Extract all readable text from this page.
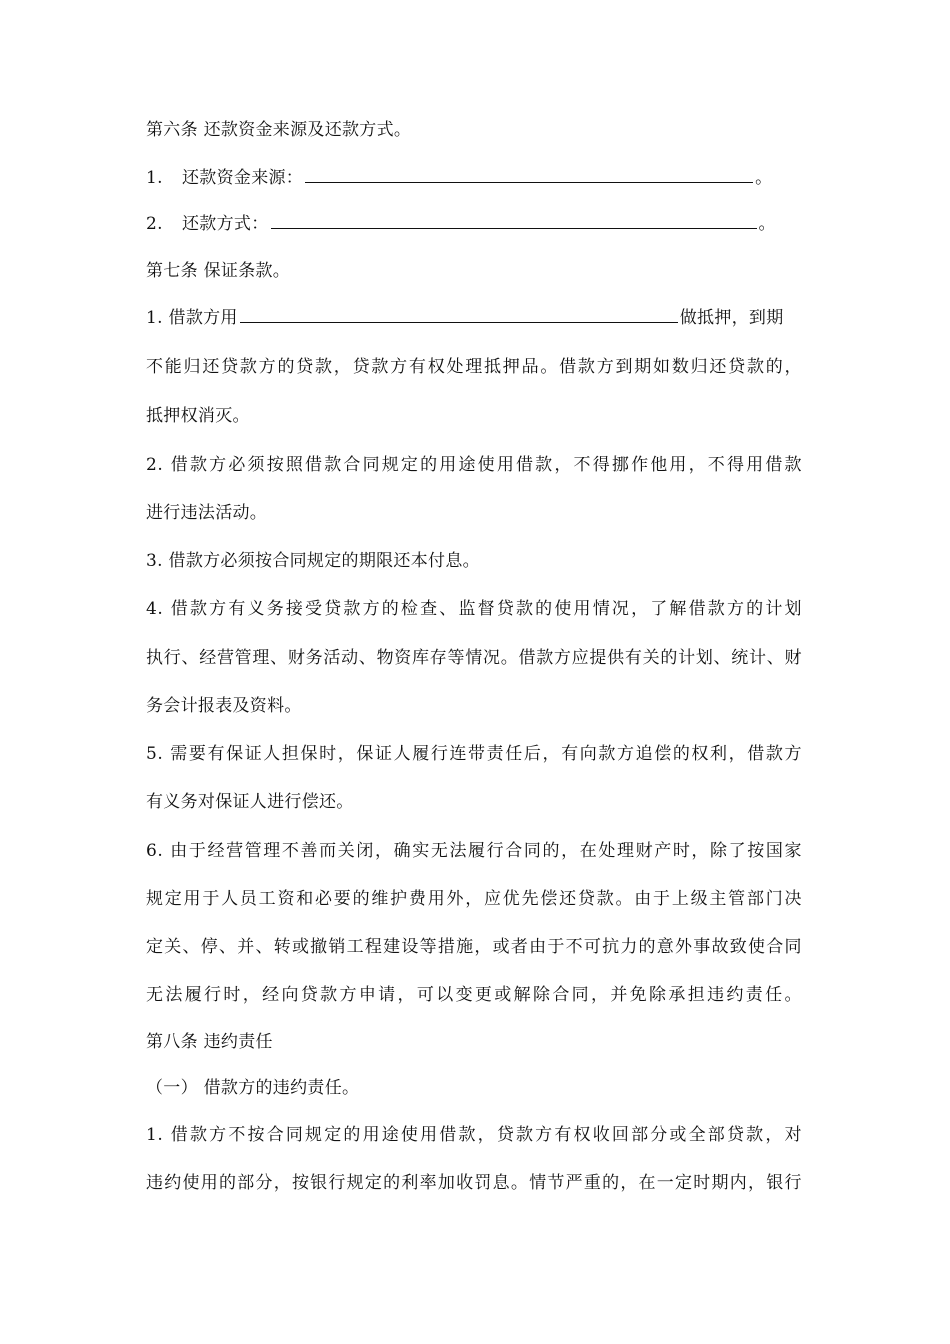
第六条 还款资金来源及还款方式。
1. 还款资金来源：	。
2. 还款方式：	。
第七条 保证条款。
1. 借款方用	做抵押，到期
不能归还贷款方的贷款，贷款方有权处理抵押品。借款方到期如数归还贷款的，
抵押权消灭。
2. 借款方必须按照借款合同规定的用途使用借款，不得挪作他用，不得用借款
进行违法活动。
3. 借款方必须按合同规定的期限还本付息。
4. 借款方有义务接受贷款方的检查、监督贷款的使用情况，了解借款方的计划
执行、经营管理、财务活动、物资库存等情况。借款方应提供有关的计划、统计、财
务会计报表及资料。
5. 需要有保证人担保时，保证人履行连带责任后，有向款方追偿的权利，借款方
有义务对保证人进行偿还。
6. 由于经营管理不善而关闭，确实无法履行合同的，在处理财产时，除了按国家
规定用于人员工资和必要的维护费用外，应优先偿还贷款。由于上级主管部门决
定关、停、并、转或撤销工程建设等措施，或者由于不可抗力的意外事故致使合同
无法履行时，经向贷款方申请，可以变更或解除合同，并免除承担违约责任。
第八条 违约责任
（一） 借款方的违约责任。
1. 借款方不按合同规定的用途使用借款，贷款方有权收回部分或全部贷款，对
违约使用的部分，按银行规定的利率加收罚息。情节严重的，在一定时期内，银行
